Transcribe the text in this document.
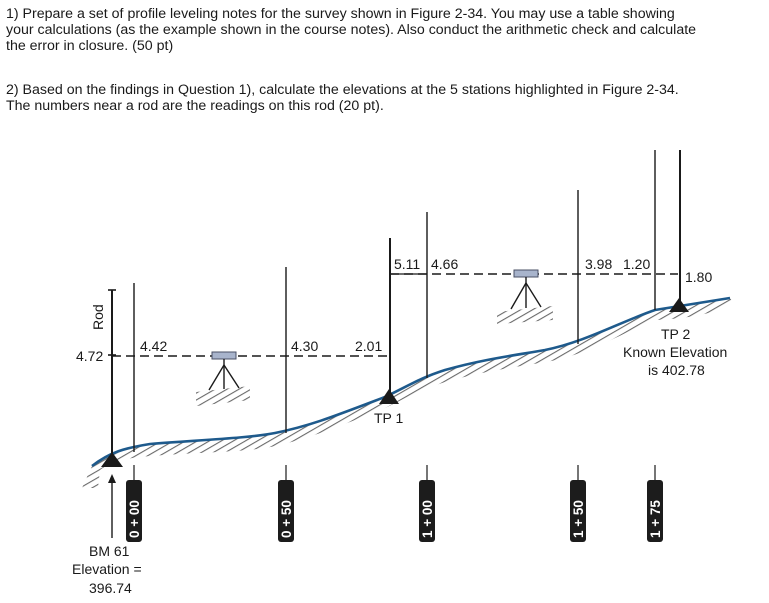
1) Prepare a set of profile leveling notes for the survey shown in Figure 2-34. You may use a table showing
your calculations (as the example shown in the course notes). Also conduct the arithmetic check and calculate
the error in closure. (50 pt)
2) Based on the findings in Question 1), calculate the elevations at the 5 stations highlighted in Figure 2-34.
The numbers near a rod are the readings on this rod (20 pt).
Rod
4.72
4.42	4.30	2.01
5.11 4.66	3.98 1.20
1.80
TP 1
TP 2
Known Elevation
is 402.78
BM 61
Elevation =
396.74
0 + 00	0 + 50	1 + 00	1 + 50	1 + 75
